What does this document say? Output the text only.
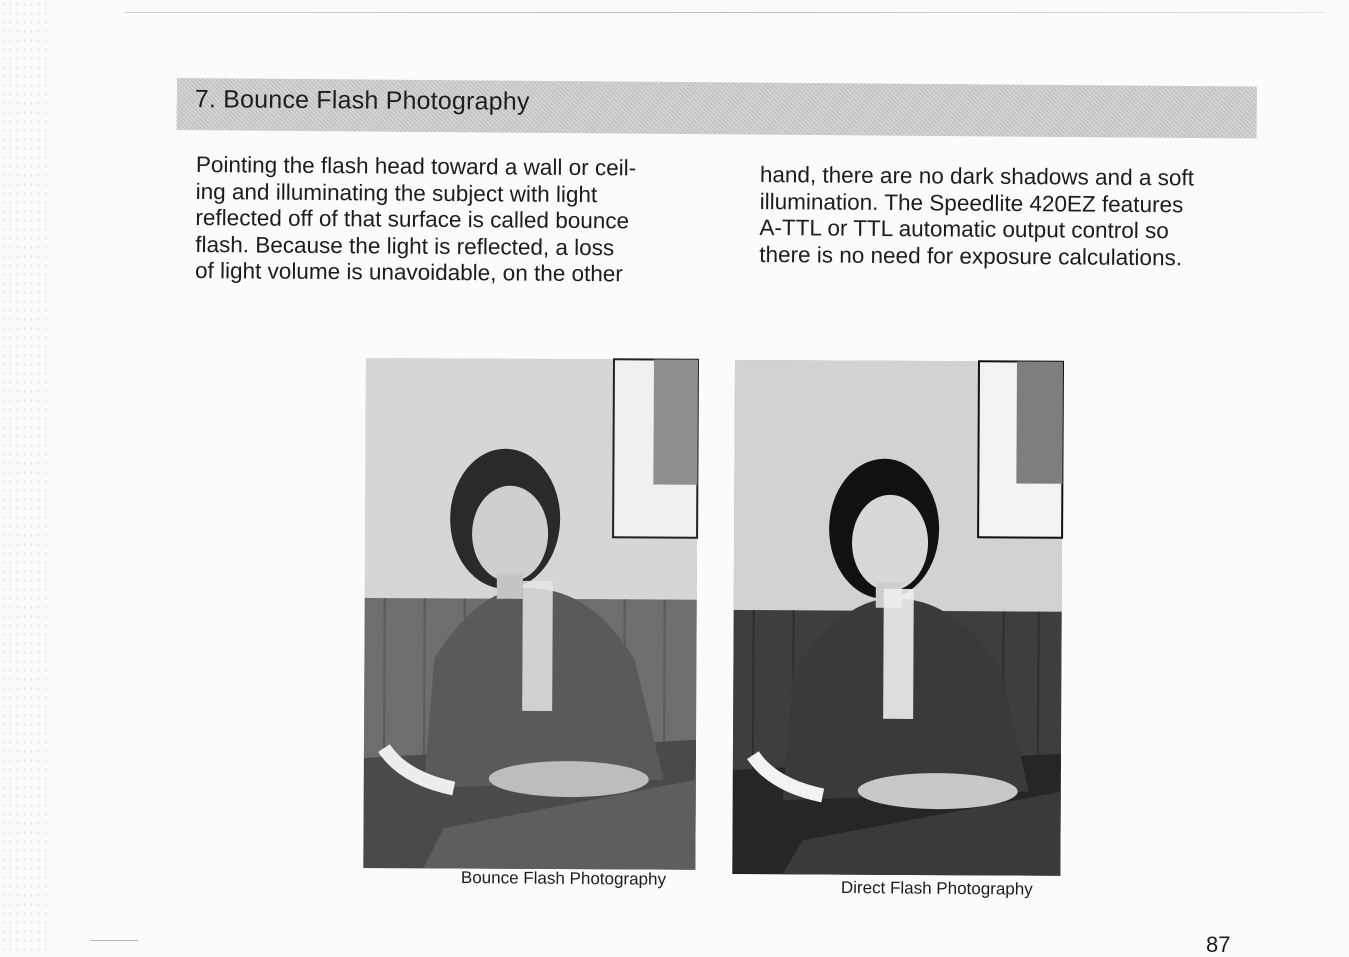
7. Bounce Flash Photography
Pointing the flash head toward a wall or ceil-
ing and illuminating the subject with light
reflected off of that surface is called bounce
flash. Because the light is reflected, a loss
of light volume is unavoidable, on the other
hand, there are no dark shadows and a soft
illumination. The Speedlite 420EZ features
A-TTL or TTL automatic output control so
there is no need for exposure calculations.
Bounce Flash Photography	Direct Flash Photography
87
